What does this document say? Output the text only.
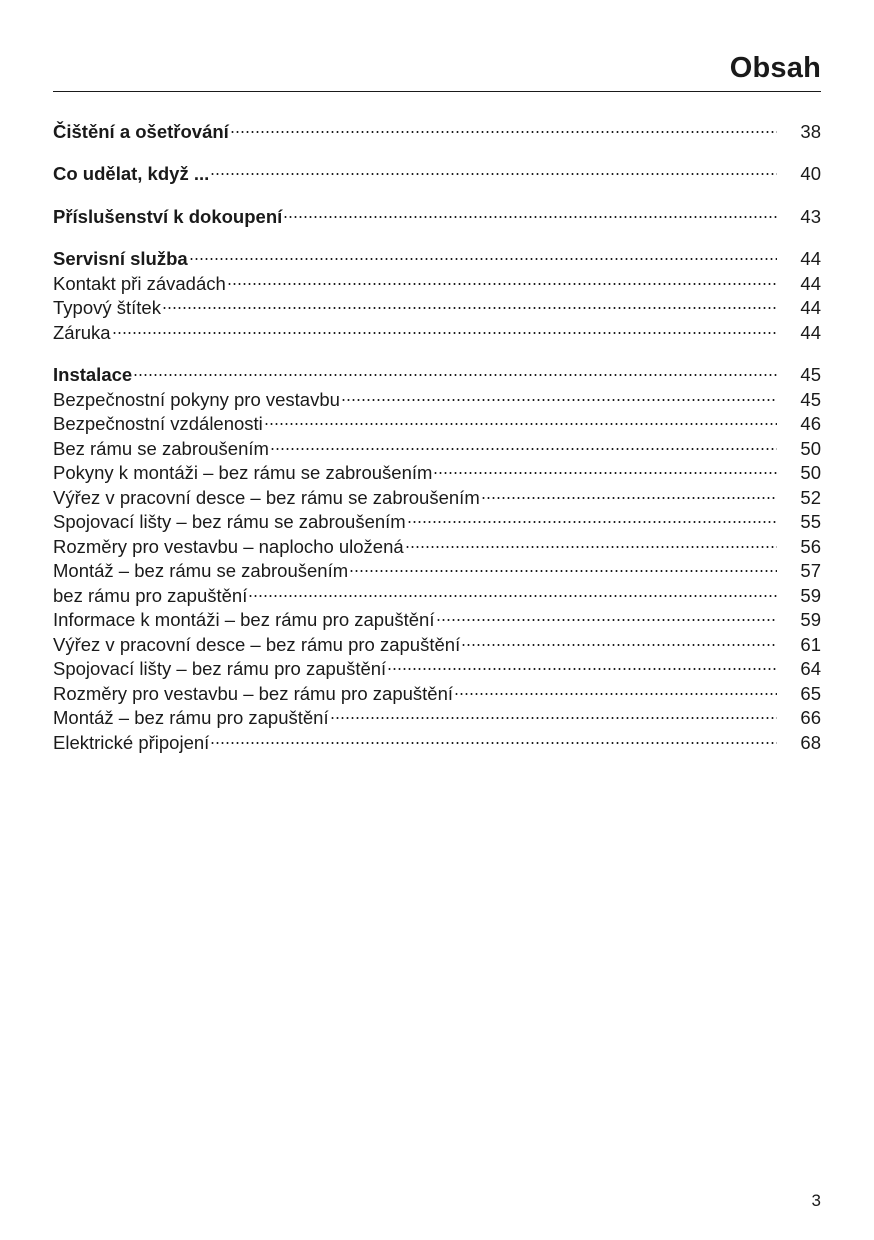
Obsah
Čištění a ošetřování	38
Co udělat, když ...	40
Příslušenství k dokoupení	43
Servisní služba	44
Kontakt při závadách	44
Typový štítek	44
Záruka	44
Instalace	45
Bezpečnostní pokyny pro vestavbu	45
Bezpečnostní vzdálenosti	46
Bez rámu se zabroušením	50
Pokyny k montáži – bez rámu se zabroušením	50
Výřez v pracovní desce – bez rámu se zabroušením	52
Spojovací lišty – bez rámu se zabroušením	55
Rozměry pro vestavbu – naplocho uložená	56
Montáž – bez rámu se zabroušením	57
bez rámu pro zapuštění	59
Informace k montáži – bez rámu pro zapuštění	59
Výřez v pracovní desce – bez rámu pro zapuštění	61
Spojovací lišty – bez rámu pro zapuštění	64
Rozměry pro vestavbu – bez rámu pro zapuštění	65
Montáž – bez rámu pro zapuštění	66
Elektrické připojení	68
3
